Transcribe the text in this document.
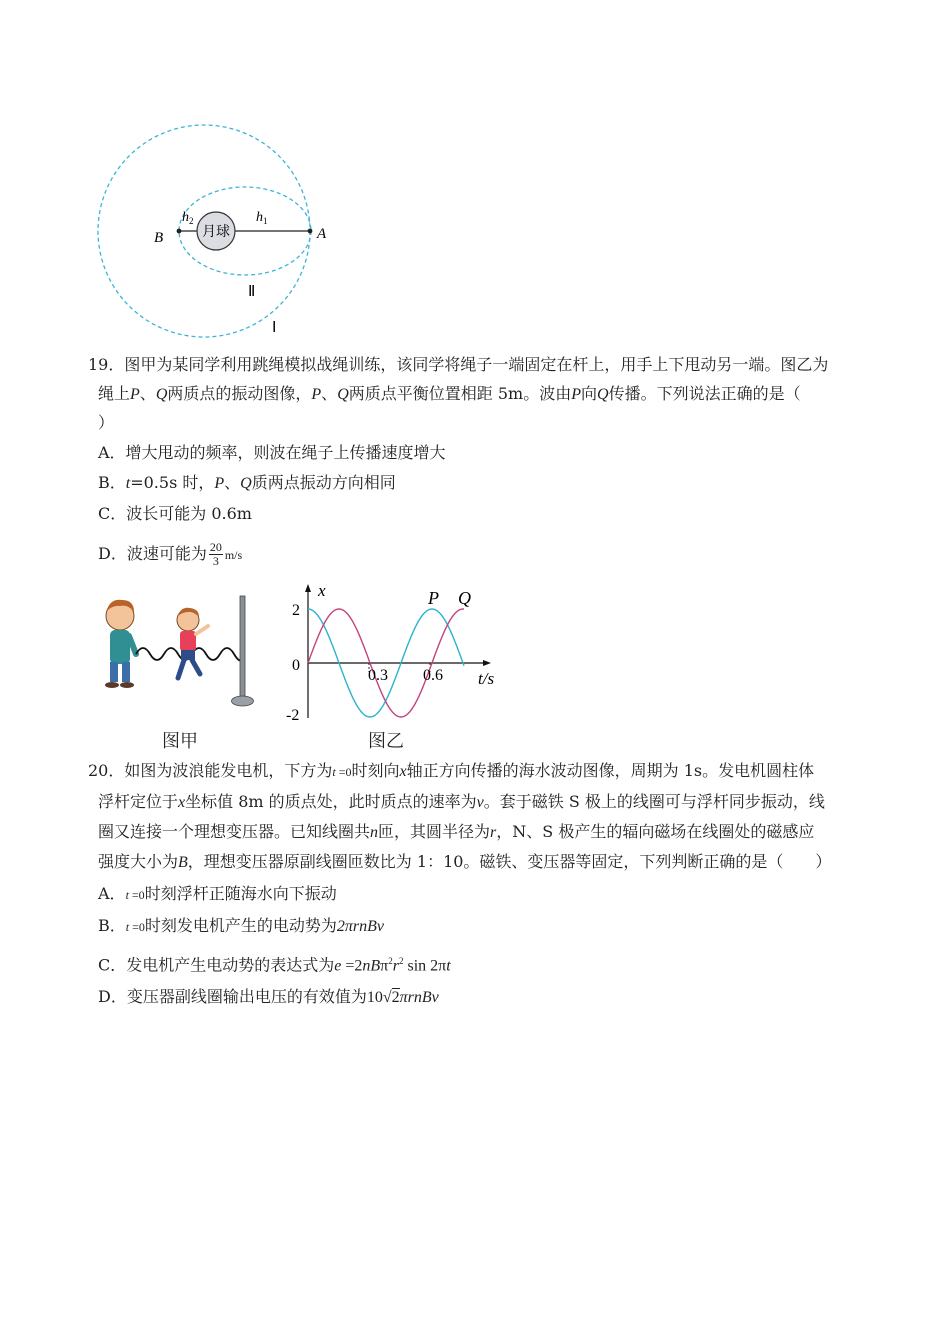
月球
B	A
$h_2$	$h_1$
Ⅱ
Ⅰ
19．图甲为某同学利用跳绳模拟战绳训练，该同学将绳子一端固定在杆上，用手上下甩动另一端。图乙为
绳上P、Q两质点的振动图像，P、Q两质点平衡位置相距 5m。波由P向Q传播。下列说法正确的是（
）
A．增大甩动的频率，则波在绳子上传播速度增大
B．t=0.5s 时，P、Q质两点振动方向相同
C．波长可能为 0.6m
D．波速可能为 $\frac{20}{3} m/s$
x
t/s
2
0
-2
0.3 0.6
P Q
图甲	图乙
20．如图为波浪能发电机，下方为t =0时刻向x轴正方向传播的海水波动图像，周期为 1s。发电机圆柱体
浮杆定位于x坐标值 8m 的质点处，此时质点的速率为v。套于磁铁 S 极上的线圈可与浮杆同步振动，线
圈又连接一个理想变压器。已知线圈共n匝，其圆半径为r，N、S 极产生的辐向磁场在线圈处的磁感应
强度大小为B，理想变压器原副线圈匝数比为 1：10。磁铁、变压器等固定，下列判断正确的是（　　）
A．t =0时刻浮杆正随海水向下振动
B．t =0时刻发电机产生的电动势为2πrnBv
C．发电机产生电动势的表达式为$e =2nB\pi^2r^2$ sin 2πt
D．变压器副线圈输出电压的有效值为10√2πrnBv
